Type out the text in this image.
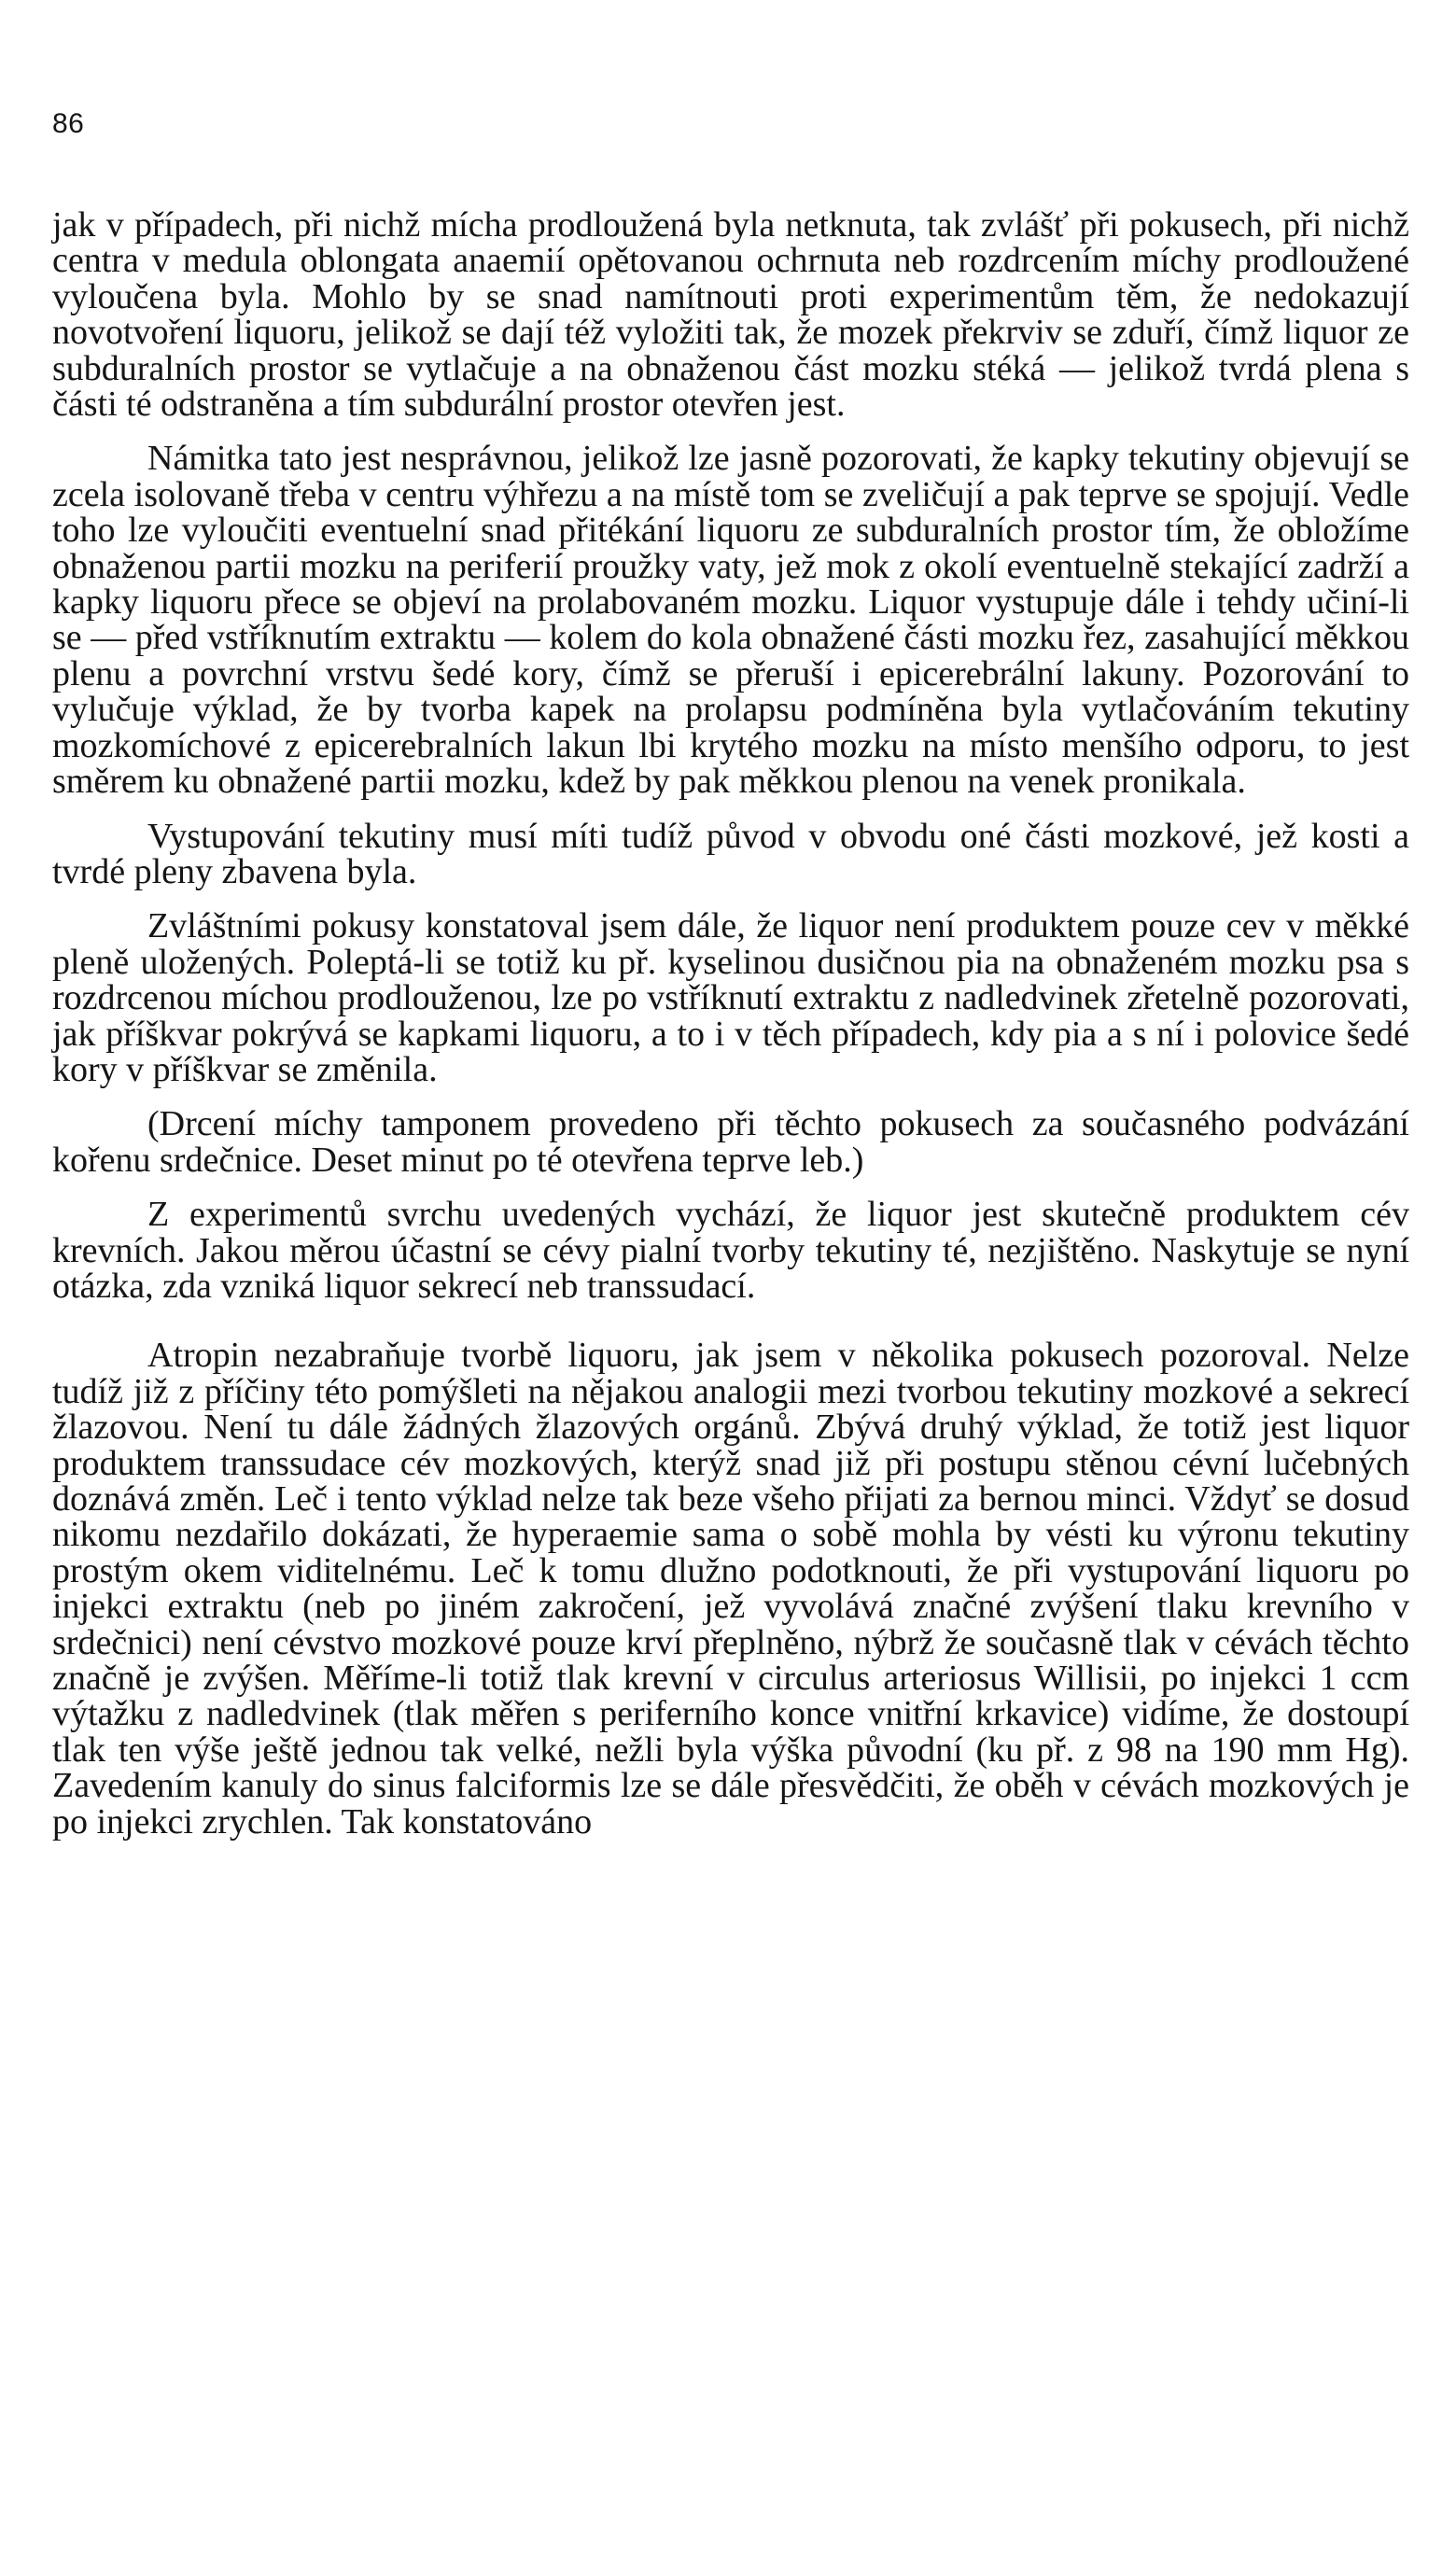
86

jak v případech, při nichž mícha prodloužená byla netknuta, tak zvlášť při pokusech, při nichž centra v medula oblongata anaemií opětovanou ochrnuta neb rozdrcením míchy prodloužené vyloučena byla. Mohlo by se snad namítnouti proti experimentům těm, že nedokazují novotvoření liquoru, jelikož se dají též vyložiti tak, že mozek překrviv se zduří, čímž liquor ze subduralních prostor se vytlačuje a na obnaženou část mozku stéká — jelikož tvrdá plena s části té odstraněna a tím subdurální prostor otevřen jest.

Námitka tato jest nesprávnou, jelikož lze jasně pozorovati, že kapky tekutiny objevují se zcela isolovaně třeba v centru výhřezu a na místě tom se zveličují a pak teprve se spojují. Vedle toho lze vyloučiti eventuelní snad přitékání liquoru ze subduralních prostor tím, že obložíme obnaženou partii mozku na periferií proužky vaty, jež mok z okolí eventuelně stekající zadrží a kapky liquoru přece se objeví na prolabovaném mozku. Liquor vystupuje dále i tehdy učiní-li se — před vstříknutím extraktu — kolem do kola obnažené části mozku řez, zasahující měkkou plenu a povrchní vrstvu šedé kory, čímž se přeruší i epicerebrální lakuny. Pozorování to vylučuje výklad, že by tvorba kapek na prolapsu podmíněna byla vytlačováním tekutiny mozkomíchové z epicerebralních lakun lbi krytého mozku na místo menšího odporu, to jest směrem ku obnažené partii mozku, kdež by pak měkkou plenou na venek pronikala.

Vystupování tekutiny musí míti tudíž původ v obvodu oné části mozkové, jež kosti a tvrdé pleny zbavena byla.

Zvláštními pokusy konstatoval jsem dále, že liquor není produktem pouze cev v měkké pleně uložených. Poleptá-li se totiž ku př. kyselinou dusičnou pia na obnaženém mozku psa s rozdrcenou míchou prodlouženou, lze po vstříknutí extraktu z nadledvinek zřetelně pozorovati, jak příškvar pokrývá se kapkami liquoru, a to i v těch případech, kdy pia a s ní i polovice šedé kory v příškvar se změnila.

(Drcení míchy tamponem provedeno při těchto pokusech za současného podvázání kořenu srdečnice. Deset minut po té otevřena teprve leb.)

Z experimentů svrchu uvedených vychází, že liquor jest skutečně produktem cév krevních. Jakou měrou účastní se cévy pialní tvorby tekutiny té, nezjištěno. Naskytuje se nyní otázka, zda vzniká liquor sekrecí neb transsudací.

Atropin nezabraňuje tvorbě liquoru, jak jsem v několika pokusech pozoroval. Nelze tudíž již z příčiny této pomýšleti na nějakou analogii mezi tvorbou tekutiny mozkové a sekrecí žlazovou. Není tu dále žádných žlazových orgánů. Zbývá druhý výklad, že totiž jest liquor produktem transsudace cév mozkových, kterýž snad již při postupu stěnou cévní lučebných doznává změn. Leč i tento výklad nelze tak beze všeho přijati za bernou minci. Vždyť se dosud nikomu nezdařilo dokázati, že hyperaemie sama o sobě mohla by vésti ku výronu tekutiny prostým okem viditelnému. Leč k tomu dlužno podotknouti, že při vystupování liquoru po injekci extraktu (neb po jiném zakročení, jež vyvolává značné zvýšení tlaku krevního v srdečnici) není cévstvo mozkové pouze krví přeplněno, nýbrž že současně tlak v cévách těchto značně je zvýšen. Měříme-li totiž tlak krevní v circulus arteriosus Willisii, po injekci 1 ccm výtažku z nadledvinek (tlak měřen s periferního konce vnitřní krkavice) vidíme, že dostoupí tlak ten výše ještě jednou tak velké, nežli byla výška původní (ku př. z 98 na 190 mm Hg). Zavedením kanuly do sinus falciformis lze se dále přesvědčiti, že oběh v cévách mozkových je po injekci zrychlen. Tak konstatováno
